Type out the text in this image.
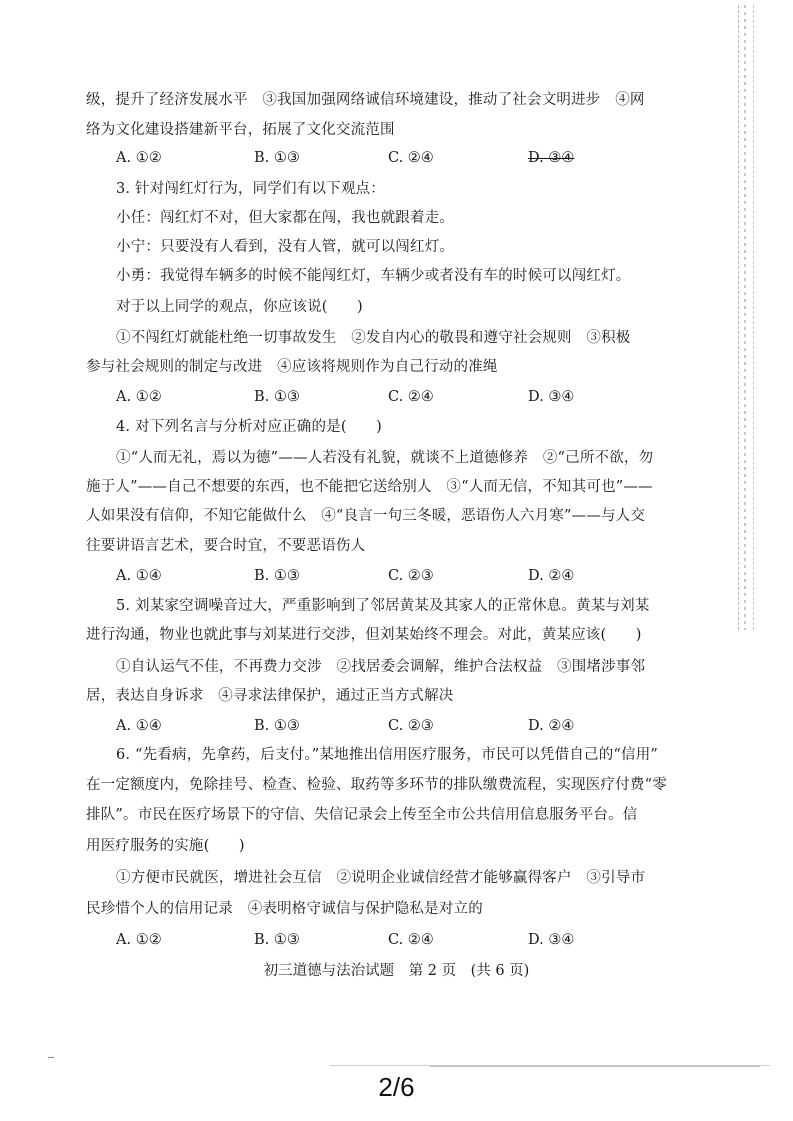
级，提升了经济发展水平　③我国加强网络诚信环境建设，推动了社会文明进步　④网
络为文化建设搭建新平台，拓展了文化交流范围
A. ①②	B. ①③	C. ②④	D. ③④
3. 针对闯红灯行为，同学们有以下观点：
小任：闯红灯不对，但大家都在闯，我也就跟着走。
小宁：只要没有人看到，没有人管，就可以闯红灯。
小勇：我觉得车辆多的时候不能闯红灯，车辆少或者没有车的时候可以闯红灯。
对于以上同学的观点，你应该说(　　)
①不闯红灯就能杜绝一切事故发生　②发自内心的敬畏和遵守社会规则　③积极
参与社会规则的制定与改进　④应该将规则作为自己行动的准绳
A. ①②	B. ①③	C. ②④	D. ③④
4. 对下列名言与分析对应正确的是(　　)
①“人而无礼，焉以为德”——人若没有礼貌，就谈不上道德修养　②“己所不欲，勿
施于人”——自己不想要的东西，也不能把它送给别人　③“人而无信，不知其可也”——
人如果没有信仰，不知它能做什么　④“良言一句三冬暖，恶语伤人六月寒”——与人交
往要讲语言艺术，要合时宜，不要恶语伤人
A. ①④	B. ①③	C. ②③	D. ②④
5. 刘某家空调噪音过大，严重影响到了邻居黄某及其家人的正常休息。黄某与刘某
进行沟通，物业也就此事与刘某进行交涉，但刘某始终不理会。对此，黄某应该(　　)
①自认运气不佳，不再费力交涉　②找居委会调解，维护合法权益　③围堵涉事邻
居，表达自身诉求　④寻求法律保护，通过正当方式解决
A. ①④	B. ①③	C. ②③	D. ②④
6. “先看病，先拿药，后支付。”某地推出信用医疗服务，市民可以凭借自己的“信用”
在一定额度内，免除挂号、检查、检验、取药等多环节的排队缴费流程，实现医疗付费“零
排队”。市民在医疗场景下的守信、失信记录会上传至全市公共信用信息服务平台。信
用医疗服务的实施(　　)
①方便市民就医，增进社会互信　②说明企业诚信经营才能够赢得客户　③引导市
民珍惜个人的信用记录　④表明格守诚信与保护隐私是对立的
A. ①②	B. ①③	C. ②④	D. ③④
初三道德与法治试题　第 2 页　(共 6 页)
2/6
